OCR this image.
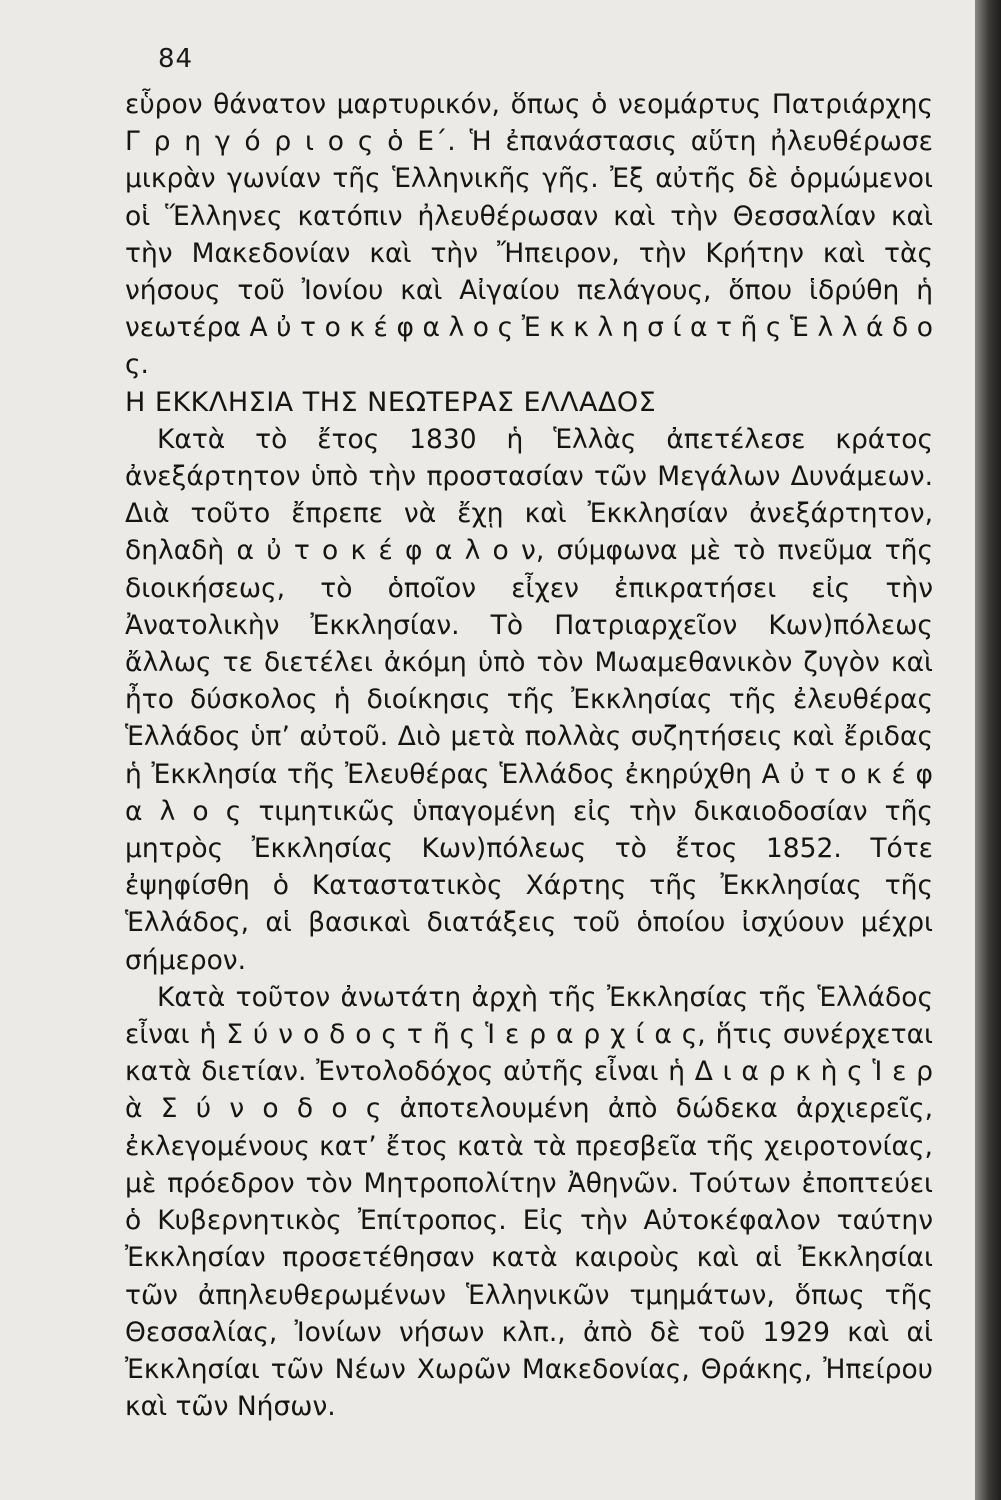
84

εὗρον θάνατον μαρτυρικόν, ὅπως ὁ νεομάρτυς Πατριάρχης Γ ρ η γ ό ρ ι ο ς ὁ Ε΄. Ἡ ἐπανάστασις αὕτη ἠλευθέρωσε μικρὰν γωνίαν τῆς Ἑλληνικῆς γῆς. Ἐξ αὐτῆς δὲ ὁρμώμενοι οἱ Ἕλληνες κατόπιν ἠλευθέρωσαν καὶ τὴν Θεσσαλίαν καὶ τὴν Μακεδονίαν καὶ τὴν Ἤπειρον, τὴν Κρήτην καὶ τὰς νήσους τοῦ Ἰονίου καὶ Αἰγαίου πελάγους, ὅπου ἱδρύθη ἡ νεωτέρα Α ὐ τ ο κ έ φ α λ ο ς Ἐ κ κ λ η σ ί α τ ῆ ς Ἑ λ λ ά δ ο ς.

Η ΕΚΚΛΗΣΙΑ ΤΗΣ ΝΕΩΤΕΡΑΣ ΕΛΛΑΔΟΣ

Κατὰ τὸ ἔτος 1830 ἡ Ἑλλὰς ἀπετέλεσε κράτος ἀνεξάρτητον ὑπὸ τὴν προστασίαν τῶν Μεγάλων Δυνάμεων. Διὰ τοῦτο ἔπρεπε νὰ ἔχῃ καὶ Ἐκκλησίαν ἀνεξάρτητον, δηλαδὴ α ὐ τ ο κ έ φ α λ ο ν, σύμφωνα μὲ τὸ πνεῦμα τῆς διοικήσεως, τὸ ὁποῖον εἶχεν ἐπικρατήσει εἰς τὴν Ἀνατολικὴν Ἐκκλησίαν. Τὸ Πατριαρχεῖον Κων)πόλεως ἄλλως τε διετέλει ἀκόμη ὑπὸ τὸν Μωαμεθανικὸν ζυγὸν καὶ ἦτο δύσκολος ἡ διοίκησις τῆς Ἐκκλησίας τῆς ἐλευθέρας Ἑλλάδος ὑπ’ αὐτοῦ. Διὸ μετὰ πολλὰς συζητήσεις καὶ ἔριδας ἡ Ἐκκλησία τῆς Ἐλευθέρας Ἑλλάδος ἐκηρύχθη Α ὐ τ ο κ έ φ α λ ο ς τιμητικῶς ὑπαγομένη εἰς τὴν δικαιοδοσίαν τῆς μητρὸς Ἐκκλησίας Κων)πόλεως τὸ ἔτος 1852. Τότε ἐψηφίσθη ὁ Καταστατικὸς Χάρτης τῆς Ἐκκλησίας τῆς Ἑλλάδος, αἱ βασικαὶ διατάξεις τοῦ ὁποίου ἰσχύουν μέχρι σήμερον.

Κατὰ τοῦτον ἀνωτάτη ἀρχὴ τῆς Ἐκκλησίας τῆς Ἑλλάδος εἶναι ἡ Σ ύ ν ο δ ο ς τ ῆ ς Ἱ ε ρ α ρ χ ί α ς, ἥτις συνέρχεται κατὰ διετίαν. Ἐντολοδόχος αὐτῆς εἶναι ἡ Δ ι α ρ κ ὴ ς Ἱ ε ρ ὰ Σ ύ ν ο δ ο ς ἀποτελουμένη ἀπὸ δώδεκα ἀρχιερεῖς, ἐκλεγομένους κατ’ ἔτος κατὰ τὰ πρεσβεῖα τῆς χειροτονίας, μὲ πρόεδρον τὸν Μητροπολίτην Ἀθηνῶν. Τούτων ἐποπτεύει ὁ Κυβερνητικὸς Ἐπίτροπος. Εἰς τὴν Αὐτοκέφαλον ταύτην Ἐκκλησίαν προσετέθησαν κατὰ καιροὺς καὶ αἱ Ἐκκλησίαι τῶν ἀπηλευθερωμένων Ἑλληνικῶν τμημάτων, ὅπως τῆς Θεσσαλίας, Ἰονίων νήσων κλπ., ἀπὸ δὲ τοῦ 1929 καὶ αἱ Ἐκκλησίαι τῶν Νέων Χωρῶν Μακεδονίας, Θράκης, Ἠπείρου καὶ τῶν Νήσων.
